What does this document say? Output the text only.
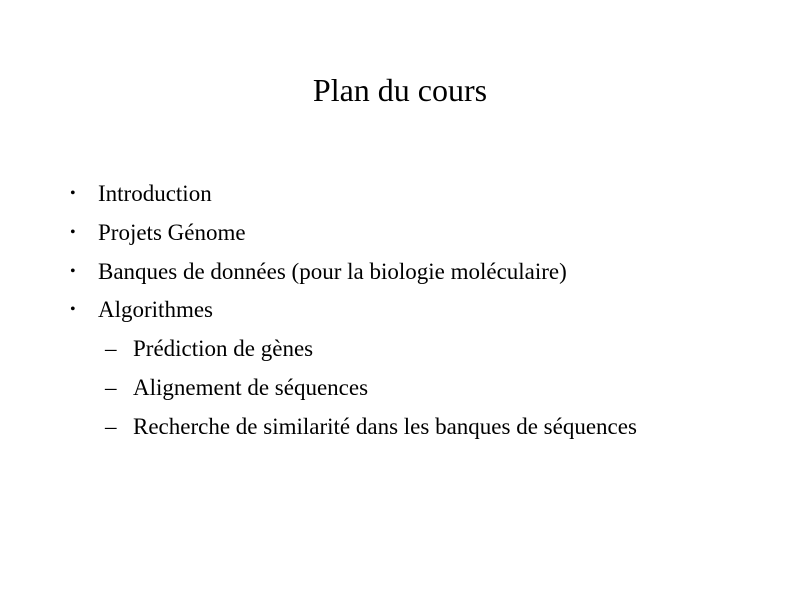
Plan du cours
• Introduction
• Projets Génome
• Banques de données (pour la biologie moléculaire)
• Algorithmes
– Prédiction de gènes
– Alignement de séquences
– Recherche de similarité dans les banques de séquences
